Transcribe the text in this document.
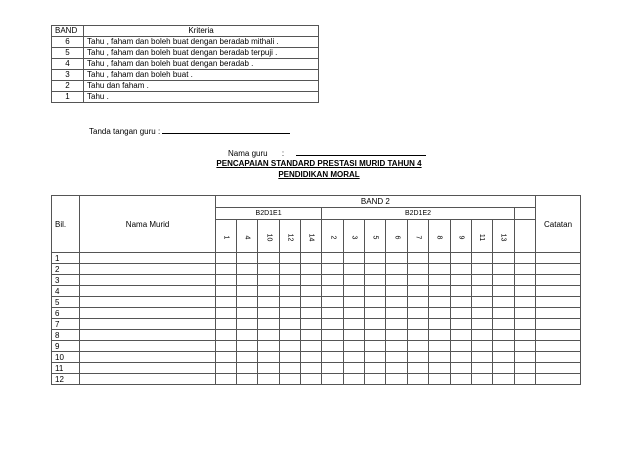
BAND	Kriteria
6	Tahu , faham dan boleh buat dengan beradab mithali .
5	Tahu , faham dan boleh buat dengan beradab terpuji .
4	Tahu , faham dan boleh buat dengan beradab .
3	Tahu , faham dan boleh buat .
2	Tahu dan faham .
1	Tahu .
Tanda tangan guru :
Nama guru :
PENCAPAIAN STANDARD PRESTASI MURID TAHUN 4
PENDIDIKAN MORAL
Bil.	Nama Murid	BAND 2															Catatan
		B2D1E1					B2D1E2										
		1	4	10	12	14	2	3	5	6	7	8	9	11	13		
1																	
2																	
3																	
4																	
5																	
6																	
7																	
8																	
9																	
10																	
11																	
12																	
